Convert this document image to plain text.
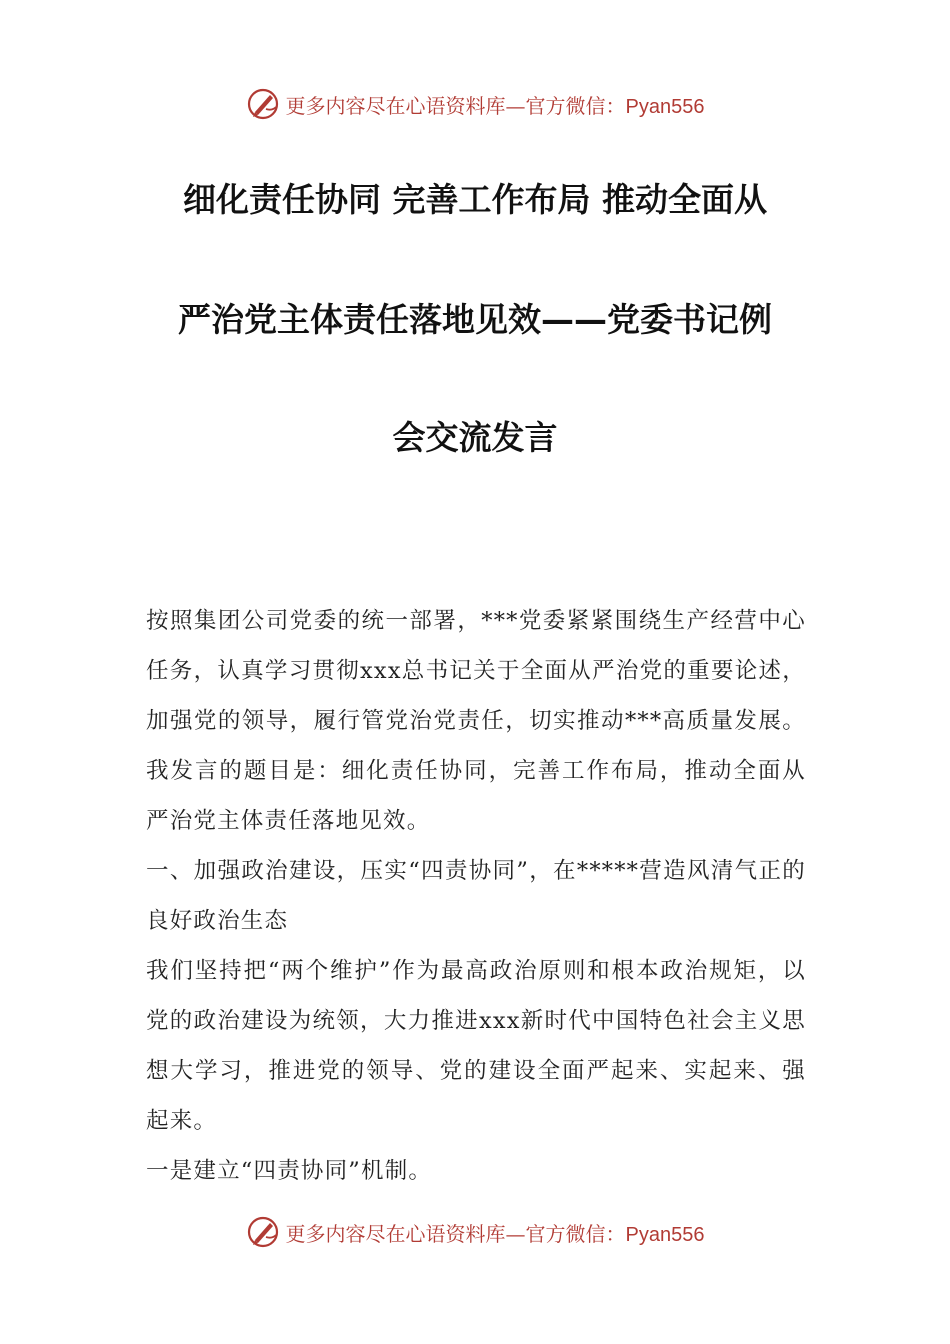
更多内容尽在心语资料库—官方微信：Pyan556
细化责任协同 完善工作布局 推动全面从
严治党主体责任落地见效——党委书记例
会交流发言

按照集团公司党委的统一部署，***党委紧紧围绕生产经营中心任务，认真学习贯彻xxx总书记关于全面从严治党的重要论述，加强党的领导，履行管党治党责任，切实推动***高质量发展。我发言的题目是：细化责任协同，完善工作布局，推动全面从严治党主体责任落地见效。

一、加强政治建设，压实“四责协同”，在*****营造风清气正的良好政治生态

我们坚持把“两个维护”作为最高政治原则和根本政治规矩，以党的政治建设为统领，大力推进xxx新时代中国特色社会主义思想大学习，推进党的领导、党的建设全面严起来、实起来、强起来。

一是建立“四责协同”机制。

更多内容尽在心语资料库—官方微信：Pyan556
